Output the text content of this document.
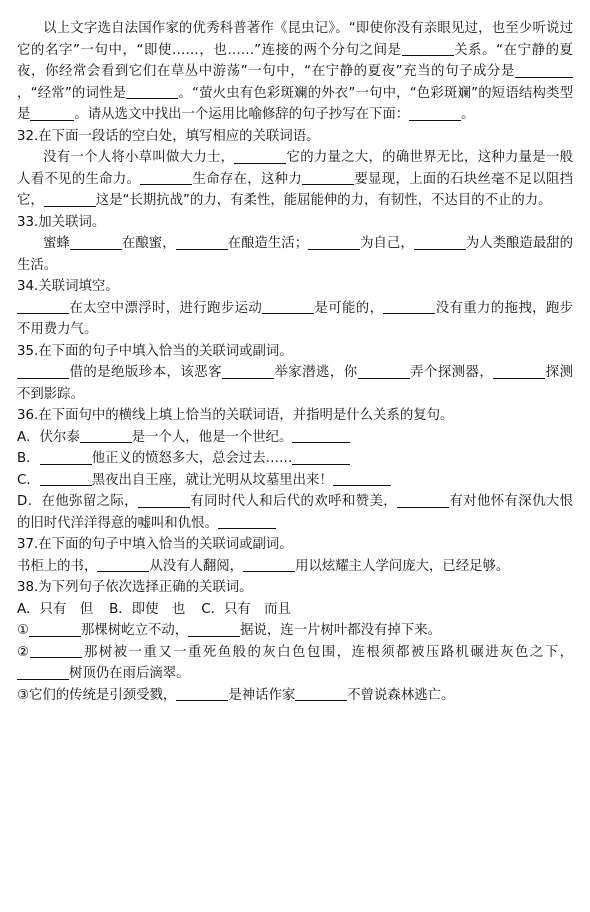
以上文字选自法国作家的优秀科普著作《昆虫记》。“即使你没有亲眼见过，也至少听说过它的名字”一句中，“即使……，也……”连接的两个分句之间是	关系。“在宁静的夏夜，你经常会看到它们在草丛中游荡”一句中，“在宁静的夏夜”充当的句子成分是，“经常”的词性是	。“萤火虫有色彩斑斓的外衣”一句中，“色彩斑斓”的短语结构类型是	。请从选文中找出一个运用比喻修辞的句子抄写在下面：	。

32.在下面一段话的空白处，填写相应的关联词语。

没有一个人将小草叫做大力士，	它的力量之大，的确世界无比，这种力量是一般人看不见的生命力。	生命存在，这种力	要显现，上面的石块丝毫不足以阻挡它，	这是“长期抗战”的力，有柔性，能屈能伸的力，有韧性，不达目的不止的力。

33.加关联词。

蜜蜂	在酿蜜，	在酿造生活；	为自己，	为人类酿造最甜的生活。

34.关联词填空。

在太空中漂浮时，进行跑步运动	是可能的，	没有重力的拖拽，跑步不用费力气。

35.在下面的句子中填入恰当的关联词或副词。

借的是绝版珍本，该恶客	举家潜逃，你	弄个探测器，	探测不到影踪。

36.在下面句中的横线上填上恰当的关联词语，并指明是什么关系的复句。

A．伏尔泰	是一个人，他是一个世纪。

B．	他正义的愤怒多大，总会过去……

C．	黑夜出自王座，就让光明从坟墓里出来！

D．在他弥留之际，	有同时代人和后代的欢呼和赞美，	有对他怀有深仇大恨的旧时代洋洋得意的嘘叫和仇恨。

37.在下面的句子中填入恰当的关联词或副词。

书柜上的书，	从没有人翻阅，	用以炫耀主人学问庞大，已经足够。

38.为下列句子依次选择正确的关联词。

A．只有　但 B．即使　也 C．只有　而且

①	那棵树屹立不动，	据说，连一片树叶都没有掉下来。

②	那树被一重又一重死鱼般的灰白色包围，连根须都被压路机碾进灰色之下，树顶仍在雨后滴翠。

③它们的传统是引颈受戮，	是神话作家	不曾说森林逃亡。
